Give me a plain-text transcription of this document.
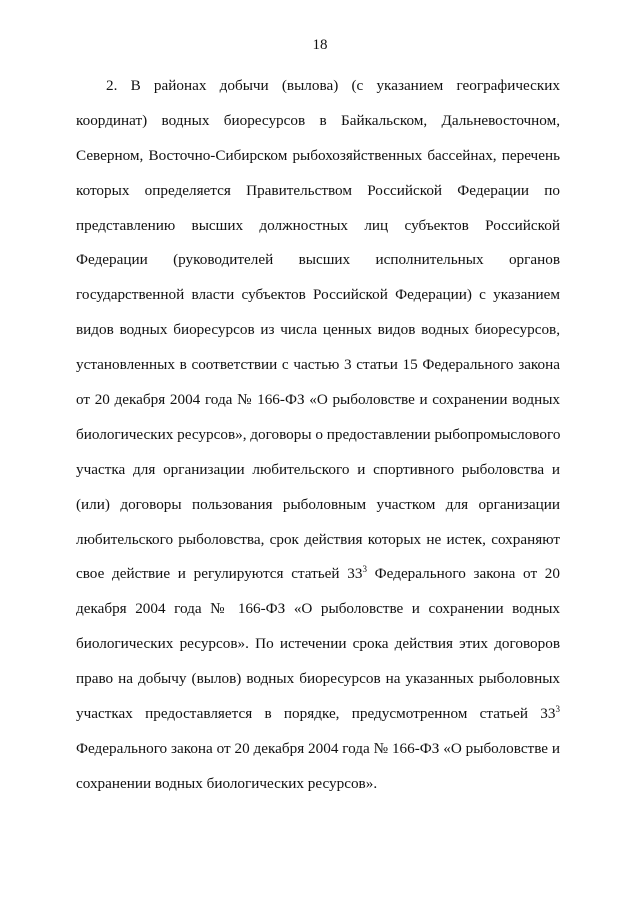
18
2. В районах добычи (вылова) (с указанием географических
координат) водных биоресурсов в Байкальском, Дальневосточном,
Северном, Восточно-Сибирском рыбохозяйственных бассейнах, перечень
которых определяется Правительством Российской Федерации по
представлению высших должностных лиц субъектов Российской
Федерации (руководителей высших исполнительных органов
государственной власти субъектов Российской Федерации) с указанием
видов водных биоресурсов из числа ценных видов водных биоресурсов,
установленных в соответствии с частью 3 статьи 15 Федерального закона
от 20 декабря 2004 года № 166-ФЗ «О рыболовстве и сохранении водных
биологических ресурсов», договоры о предоставлении рыбопромыслового
участка для организации любительского и спортивного рыболовства и
(или) договоры пользования рыболовным участком для организации
любительского рыболовства, срок действия которых не истек, сохраняют
свое действие и регулируются статьей $33^3$ Федерального закона от 20
декабря 2004 года № 166-ФЗ «О рыболовстве и сохранении водных
биологических ресурсов». По истечении срока действия этих договоров
право на добычу (вылов) водных биоресурсов на указанных рыболовных
участках предоставляется в порядке, предусмотренном статьей $33^3$
Федерального закона от 20 декабря 2004 года № 166-ФЗ «О рыболовстве и
сохранении водных биологических ресурсов».
